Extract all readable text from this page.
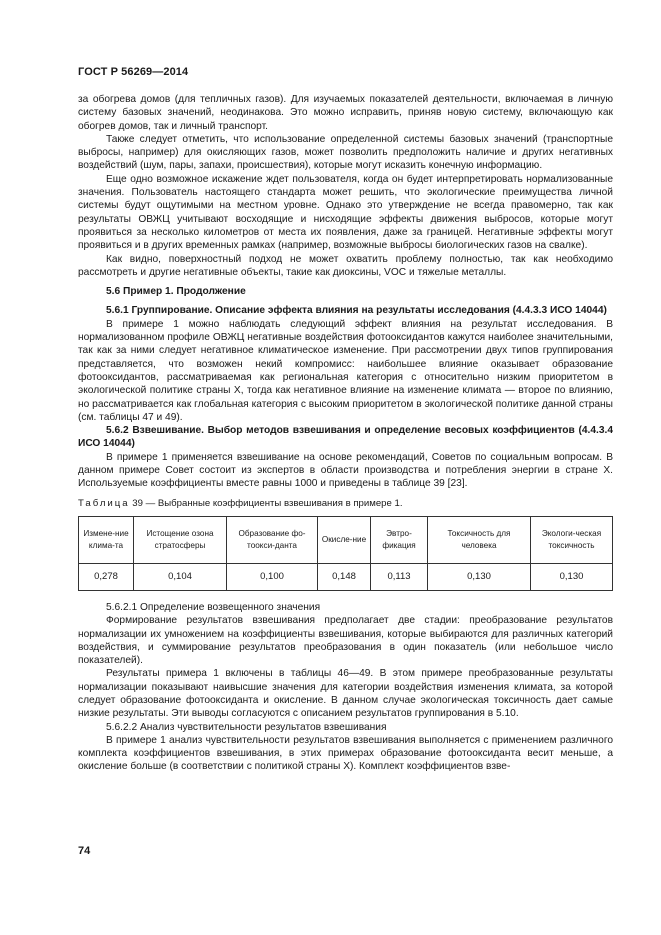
ГОСТ Р 56269—2014

за обогрева домов (для тепличных газов). Для изучаемых показателей деятельности, включаемая в личную систему базовых значений, неодинакова. Это можно исправить, приняв новую систему, включающую как обогрев домов, так и личный транспорт.

Также следует отметить, что использование определенной системы базовых значений (транспортные выбросы, например) для окисляющих газов, может позволить предположить наличие и других негативных воздействий (шум, пары, запахи, происшествия), которые могут исказить конечную информацию.

Еще одно возможное искажение ждет пользователя, когда он будет интерпретировать нормализованные значения. Пользователь настоящего стандарта может решить, что экологические преимущества личной системы будут ощутимыми на местном уровне. Однако это утверждение не всегда правомерно, так как результаты ОВЖЦ учитывают восходящие и нисходящие эффекты движения выбросов, которые могут проявиться за несколько километров от места их появления, даже за границей. Негативные эффекты могут проявиться и в других временных рамках (например, возможные выбросы биологических газов на свалке).

Как видно, поверхностный подход не может охватить проблему полностью, так как необходимо рассмотреть и другие негативные объекты, такие как диоксины, VOC и тяжелые металлы.

5.6 Пример 1. Продолжение

5.6.1 Группирование. Описание эффекта влияния на результаты исследования (4.4.3.3 ИСО 14044)

В примере 1 можно наблюдать следующий эффект влияния на результат исследования. В нормализованном профиле ОВЖЦ негативные воздействия фотооксидантов кажутся наиболее значительными, так как за ними следует негативное климатическое изменение. При рассмотрении двух типов группирования представляется, что возможен некий компромисс: наибольшее влияние оказывает образование фотооксидантов, рассматриваемая как региональная категория с относительно низким приоритетом в экологической политике страны Х, тогда как негативное влияние на изменение климата — второе по влиянию, но рассматривается как глобальная категория с высоким приоритетом в экологической политике данной страны (см. таблицы 47 и 49).

5.6.2 Взвешивание. Выбор методов взвешивания и определение весовых коэффициентов (4.4.3.4 ИСО 14044)

В примере 1 применяется взвешивание на основе рекомендаций, Советов по социальным вопросам. В данном примере Совет состоит из экспертов в области производства и потребления энергии в стране Х. Используемые коэффициенты вместе равны 1000 и приведены в таблице 39 [23].

Таблица 39 — Выбранные коэффициенты взвешивания в примере 1.

Измене-ние клима-та	Истощение озона стратосферы	Образование фо-тоокси-данта	Окисле-ние	Эвтро-фикация	Токсичность для человека	Экологи-ческая токсичность
0,278	0,104	0,100	0,148	0,113	0,130	0,130

5.6.2.1 Определение возвещенного значения

Формирование результатов взвешивания предполагает две стадии: преобразование результатов нормализации их умножением на коэффициенты взвешивания, которые выбираются для различных категорий воздействия, и суммирование результатов преобразования в один показатель (или небольшое число показателей).

Результаты примера 1 включены в таблицы 46—49. В этом примере преобразованные результаты нормализации показывают наивысшие значения для категории воздействия изменения климата, за которой следует образование фотооксиданта и окисление. В данном случае экологическая токсичность дает самые низкие результаты. Эти выводы согласуются с описанием результатов группирования в 5.10.

5.6.2.2 Анализ чувствительности результатов взвешивания

В примере 1 анализ чувствительности результатов взвешивания выполняется с применением различного комплекта коэффициентов взвешивания, в этих примерах образование фотооксиданта весит меньше, а окисление больше (в соответствии с политикой страны Х). Комплект коэффициентов взве-

74
